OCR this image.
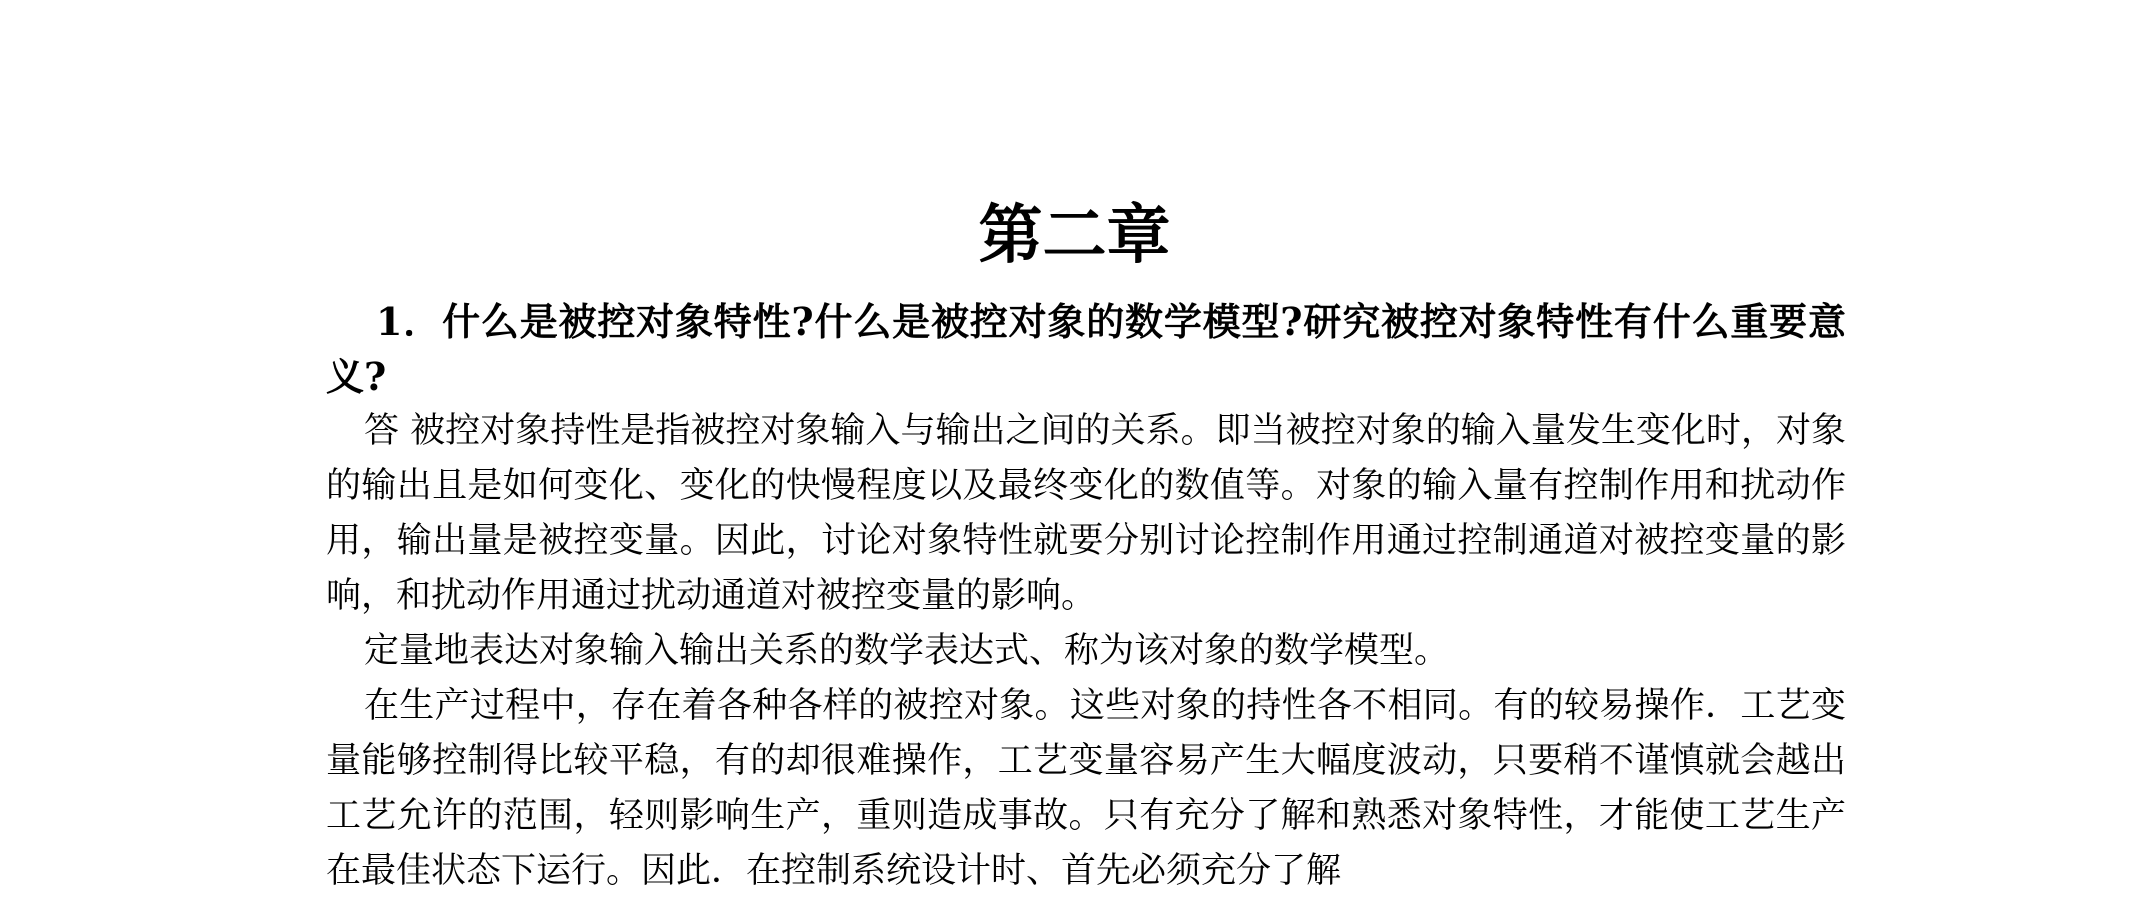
第二章

1．什么是被控对象特性?什么是被控对象的数学模型?研究被控对象特性有什么重要意义?

答 被控对象持性是指被控对象输入与输出之间的关系。即当被控对象的输入量发生变化时，对象的输出且是如何变化、变化的快慢程度以及最终变化的数值等。对象的输入量有控制作用和扰动作用，输出量是被控变量。因此，讨论对象特性就要分别讨论控制作用通过控制通道对被控变量的影响，和扰动作用通过扰动通道对被控变量的影响。

定量地表达对象输入输出关系的数学表达式、称为该对象的数学模型。

在生产过程中，存在着各种各样的被控对象。这些对象的持性各不相同。有的较易操作．工艺变量能够控制得比较平稳，有的却很难操作，工艺变量容易产生大幅度波动，只要稍不谨慎就会越出工艺允许的范围，轻则影响生产，重则造成事故。只有充分了解和熟悉对象特性，才能使工艺生产在最佳状态下运行。因此．在控制系统设计时、首先必须充分了解
